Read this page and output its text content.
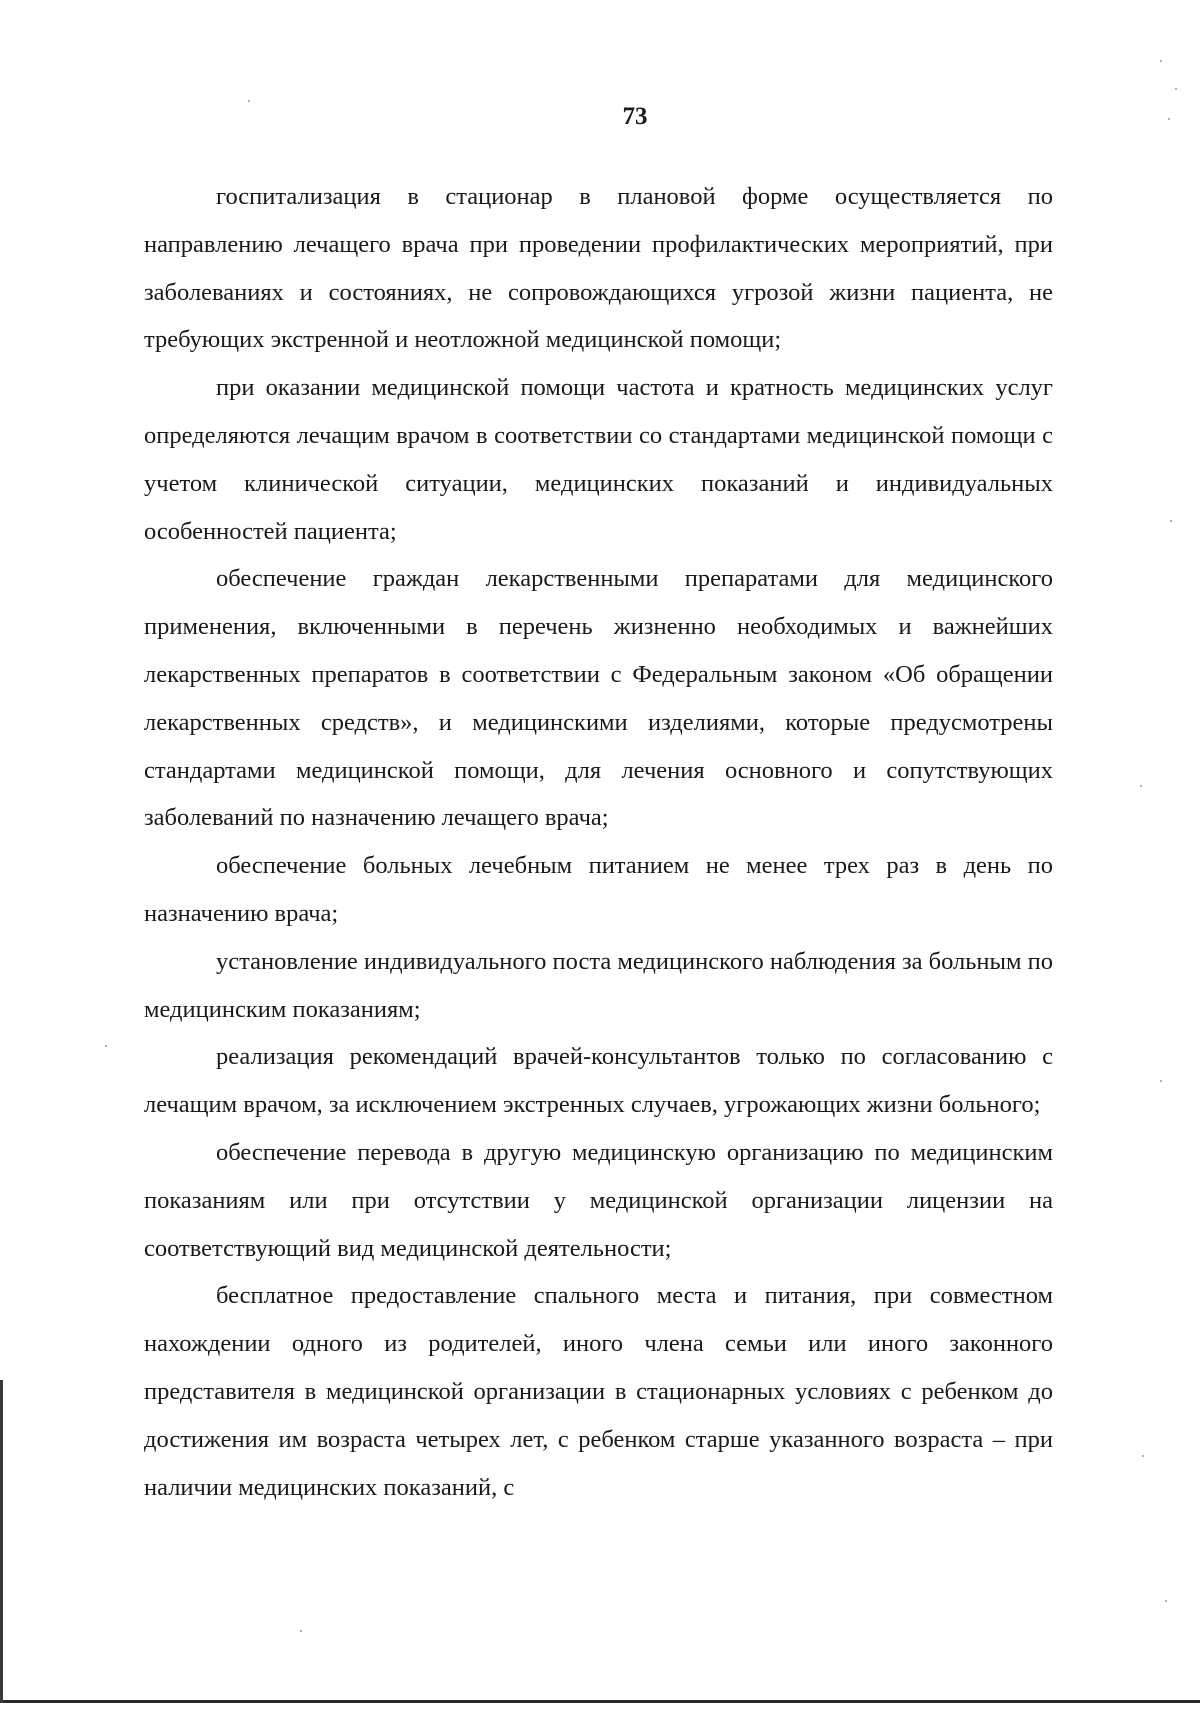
73

госпитализация в стационар в плановой форме осуществляется по направлению лечащего врача при проведении профилактических мероприятий, при заболеваниях и состояниях, не сопровождающихся угрозой жизни пациента, не требующих экстренной и неотложной медицинской помощи;

при оказании медицинской помощи частота и кратность медицинских услуг определяются лечащим врачом в соответствии со стандартами медицинской помощи с учетом клинической ситуации, медицинских показаний и индивидуальных особенностей пациента;

обеспечение граждан лекарственными препаратами для медицинского применения, включенными в перечень жизненно необходимых и важнейших лекарственных препаратов в соответствии с Федеральным законом «Об обращении лекарственных средств», и медицинскими изделиями, которые предусмотрены стандартами медицинской помощи, для лечения основного и сопутствующих заболеваний по назначению лечащего врача;

обеспечение больных лечебным питанием не менее трех раз в день по назначению врача;

установление индивидуального поста медицинского наблюдения за больным по медицинским показаниям;

реализация рекомендаций врачей-консультантов только по согласованию с лечащим врачом, за исключением экстренных случаев, угрожающих жизни больного;

обеспечение перевода в другую медицинскую организацию по медицинским показаниям или при отсутствии у медицинской организации лицензии на соответствующий вид медицинской деятельности;

бесплатное предоставление спального места и питания, при совместном нахождении одного из родителей, иного члена семьи или иного законного представителя в медицинской организации в стационарных условиях с ребенком до достижения им возраста четырех лет, с ребенком старше указанного возраста – при наличии медицинских показаний, с
